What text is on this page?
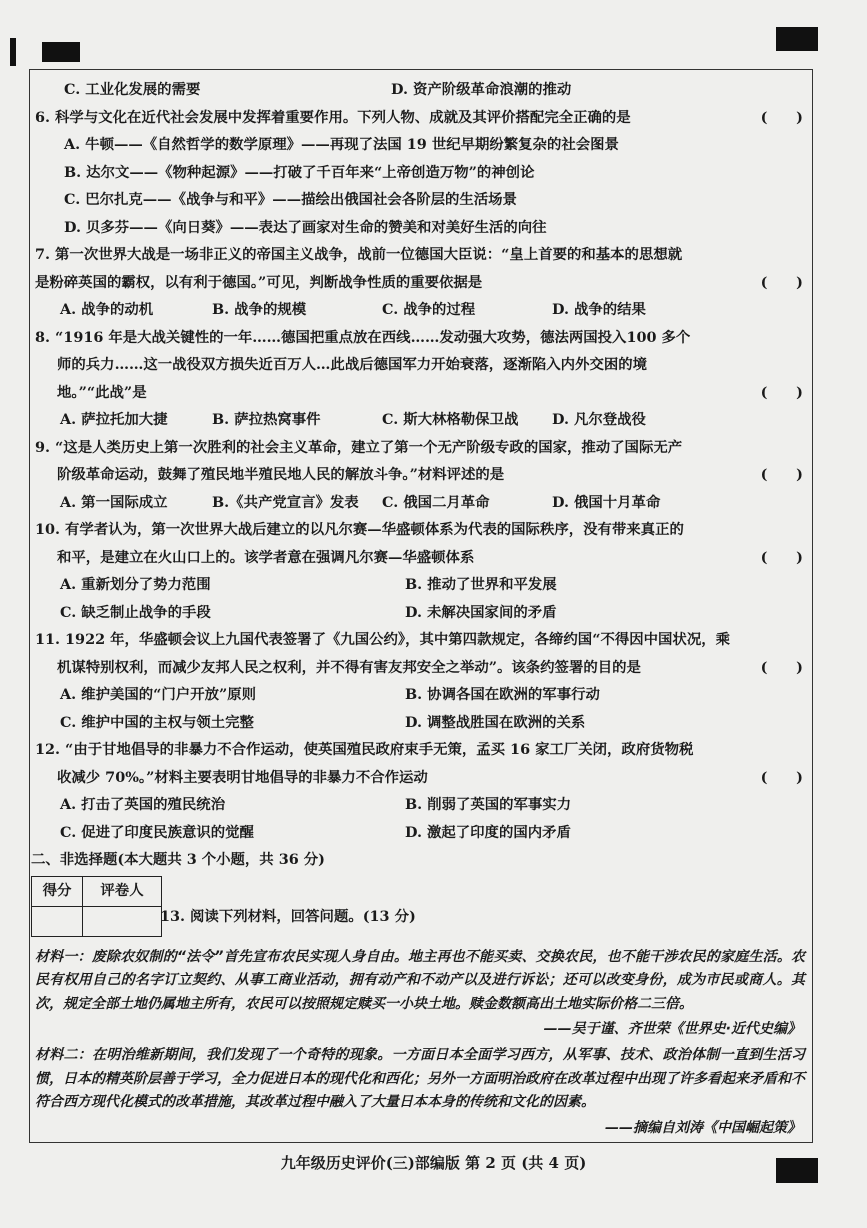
C. 工业化发展的需要	D. 资产阶级革命浪潮的推动
6. 科学与文化在近代社会发展中发挥着重要作用。下列人物、成就及其评价搭配完全正确的是	(　　)
A. 牛顿——《自然哲学的数学原理》——再现了法国 19 世纪早期纷繁复杂的社会图景
B. 达尔文——《物种起源》——打破了千百年来“上帝创造万物”的神创论
C. 巴尔扎克——《战争与和平》——描绘出俄国社会各阶层的生活场景
D. 贝多芬——《向日葵》——表达了画家对生命的赞美和对美好生活的向往
7. 第一次世界大战是一场非正义的帝国主义战争，战前一位德国大臣说：“皇上首要的和基本的思想就
是粉碎英国的霸权，以有利于德国。”可见，判断战争性质的重要依据是	(　　)
A. 战争的动机	B. 战争的规模	C. 战争的过程	D. 战争的结果
8. “1916 年是大战关键性的一年……德国把重点放在西线……发动强大攻势，德法两国投入100 多个
师的兵力……这一战役双方损失近百万人…此战后德国军力开始衰落，逐渐陷入内外交困的境
地。”“此战”是	(　　)
A. 萨拉托加大捷	B. 萨拉热窝事件	C. 斯大林格勒保卫战	D. 凡尔登战役
9. “这是人类历史上第一次胜利的社会主义革命，建立了第一个无产阶级专政的国家，推动了国际无产
阶级革命运动，鼓舞了殖民地半殖民地人民的解放斗争。”材料评述的是	(　　)
A. 第一国际成立	B.《共产党宣言》发表	C. 俄国二月革命	D. 俄国十月革命
10. 有学者认为，第一次世界大战后建立的以凡尔赛—华盛顿体系为代表的国际秩序，没有带来真正的
和平，是建立在火山口上的。该学者意在强调凡尔赛—华盛顿体系	(　　)
A. 重新划分了势力范围	B. 推动了世界和平发展
C. 缺乏制止战争的手段	D. 未解决国家间的矛盾
11. 1922 年，华盛顿会议上九国代表签署了《九国公约》，其中第四款规定，各缔约国“不得因中国状况，乘
机谋特别权利，而减少友邦人民之权利，并不得有害友邦安全之举动”。该条约签署的目的是	(　　)
A. 维护美国的“门户开放”原则	B. 协调各国在欧洲的军事行动
C. 维护中国的主权与领土完整	D. 调整战胜国在欧洲的关系
12. “由于甘地倡导的非暴力不合作运动，使英国殖民政府束手无策，孟买 16 家工厂关闭，政府货物税
收减少 70%。”材料主要表明甘地倡导的非暴力不合作运动	(　　)
A. 打击了英国的殖民统治	B. 削弱了英国的军事实力
C. 促进了印度民族意识的觉醒	D. 激起了印度的国内矛盾
二、非选择题(本大题共 3 个小题，共 36 分)
得分	评卷人

13. 阅读下列材料，回答问题。(13 分)
材料一：废除农奴制的“法令”首先宣布农民实现人身自由。地主再也不能买卖、交换农民，也不能干涉农民的家庭生活。农民有权用自己的名字订立契约、从事工商业活动，拥有动产和不动产以及进行诉讼；还可以改变身份，成为市民或商人。其次，规定全部土地仍属地主所有，农民可以按照规定赎买一小块土地。赎金数额高出土地实际价格二三倍。
——吴于谨、齐世荣《世界史·近代史编》
材料二：在明治维新期间，我们发现了一个奇特的现象。一方面日本全面学习西方，从军事、技术、政治体制一直到生活习惯，日本的精英阶层善于学习，全力促进日本的现代化和西化；另外一方面明治政府在改革过程中出现了许多看起来矛盾和不符合西方现代化模式的改革措施，其改革过程中融入了大量日本本身的传统和文化的因素。
——摘编自刘涛《中国崛起策》
九年级历史评价(三)部编版 第 2 页 (共 4 页)
